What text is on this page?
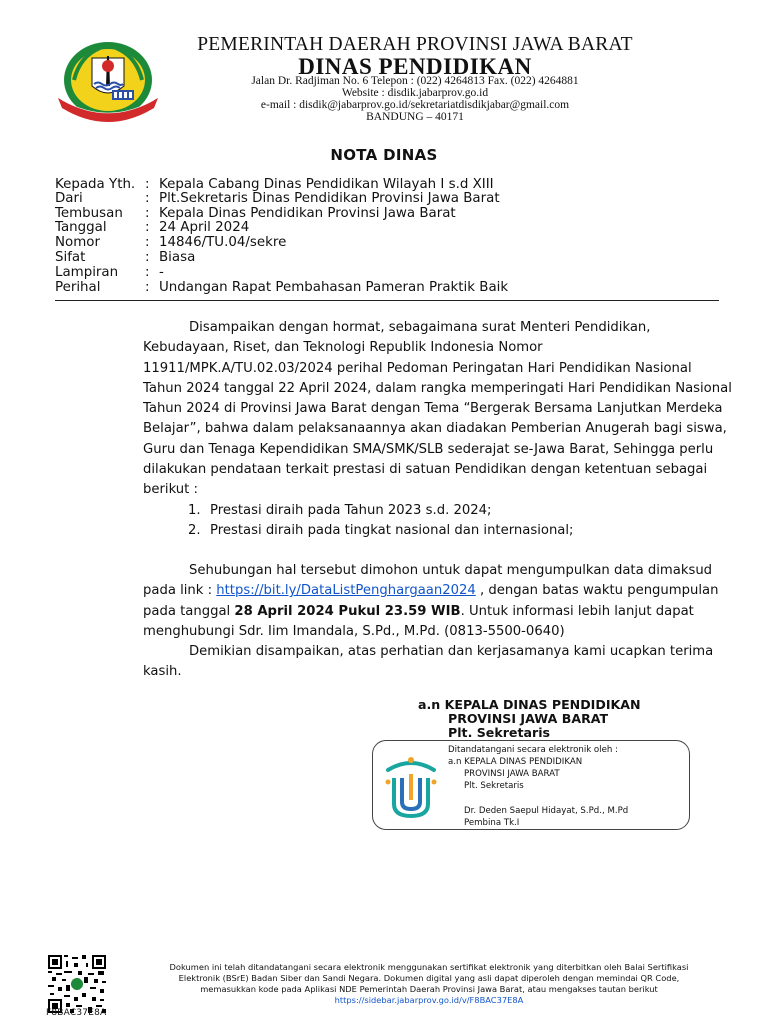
PEMERINTAH DAERAH PROVINSI JAWA BARAT
DINAS PENDIDIKAN
Jalan Dr. Radjiman No. 6 Telepon : (022) 4264813 Fax. (022) 4264881
Website : disdik.jabarprov.go.id
e-mail : disdik@jabarprov.go.id/sekretariatdisdikjabar@gmail.com
BANDUNG – 40171
NOTA DINAS
Kepada Yth. : Kepala Cabang Dinas Pendidikan Wilayah I s.d XIII
Dari	: Plt.Sekretaris Dinas Pendidikan Provinsi Jawa Barat
Tembusan : Kepala Dinas Pendidikan Provinsi Jawa Barat
Tanggal	: 24 April 2024
Nomor	: 14846/TU.04/sekre
Sifat	: Biasa
Lampiran : -
Perihal	: Undangan Rapat Pembahasan Pameran Praktik Baik
Disampaikan dengan hormat, sebagaimana surat Menteri Pendidikan,
Kebudayaan, Riset, dan Teknologi Republik Indonesia Nomor
11911/MPK.A/TU.02.03/2024 perihal Pedoman Peringatan Hari Pendidikan Nasional
Tahun 2024 tanggal 22 April 2024, dalam rangka memperingati Hari Pendidikan Nasional
Tahun 2024 di Provinsi Jawa Barat dengan Tema “Bergerak Bersama Lanjutkan Merdeka
Belajar”, bahwa dalam pelaksanaannya akan diadakan Pemberian Anugerah bagi siswa,
Guru dan Tenaga Kependidikan SMA/SMK/SLB sederajat se-Jawa Barat, Sehingga perlu
dilakukan pendataan terkait prestasi di satuan Pendidikan dengan ketentuan sebagai
berikut :
1. Prestasi diraih pada Tahun 2023 s.d. 2024;
2. Prestasi diraih pada tingkat nasional dan internasional;
Sehubungan hal tersebut dimohon untuk dapat mengumpulkan data dimaksud
pada link : https://bit.ly/DataListPenghargaan2024 , dengan batas waktu pengumpulan
pada tanggal 28 April 2024 Pukul 23.59 WIB. Untuk informasi lebih lanjut dapat
menghubungi Sdr. Iim Imandala, S.Pd., M.Pd. (0813-5500-0640)
Demikian disampaikan, atas perhatian dan kerjasamanya kami ucapkan terima
kasih.
a.n KEPALA DINAS PENDIDIKAN
PROVINSI JAWA BARAT
Plt. Sekretaris
Ditandatangani secara elektronik oleh :
a.n KEPALA DINAS PENDIDIKAN
PROVINSI JAWA BARAT
Plt. Sekretaris
Dr. Deden Saepul Hidayat, S.Pd., M.Pd
Pembina Tk.I
F8BAC37E8A
Dokumen ini telah ditandatangani secara elektronik menggunakan sertifikat elektronik yang diterbitkan oleh Balai Sertifikasi
Elektronik (BSrE) Badan Siber dan Sandi Negara. Dokumen digital yang asli dapat diperoleh dengan memindai QR Code,
memasukkan kode pada Aplikasi NDE Pemerintah Daerah Provinsi Jawa Barat, atau mengakses tautan berikut
https://sidebar.jabarprov.go.id/v/F8BAC37E8A
